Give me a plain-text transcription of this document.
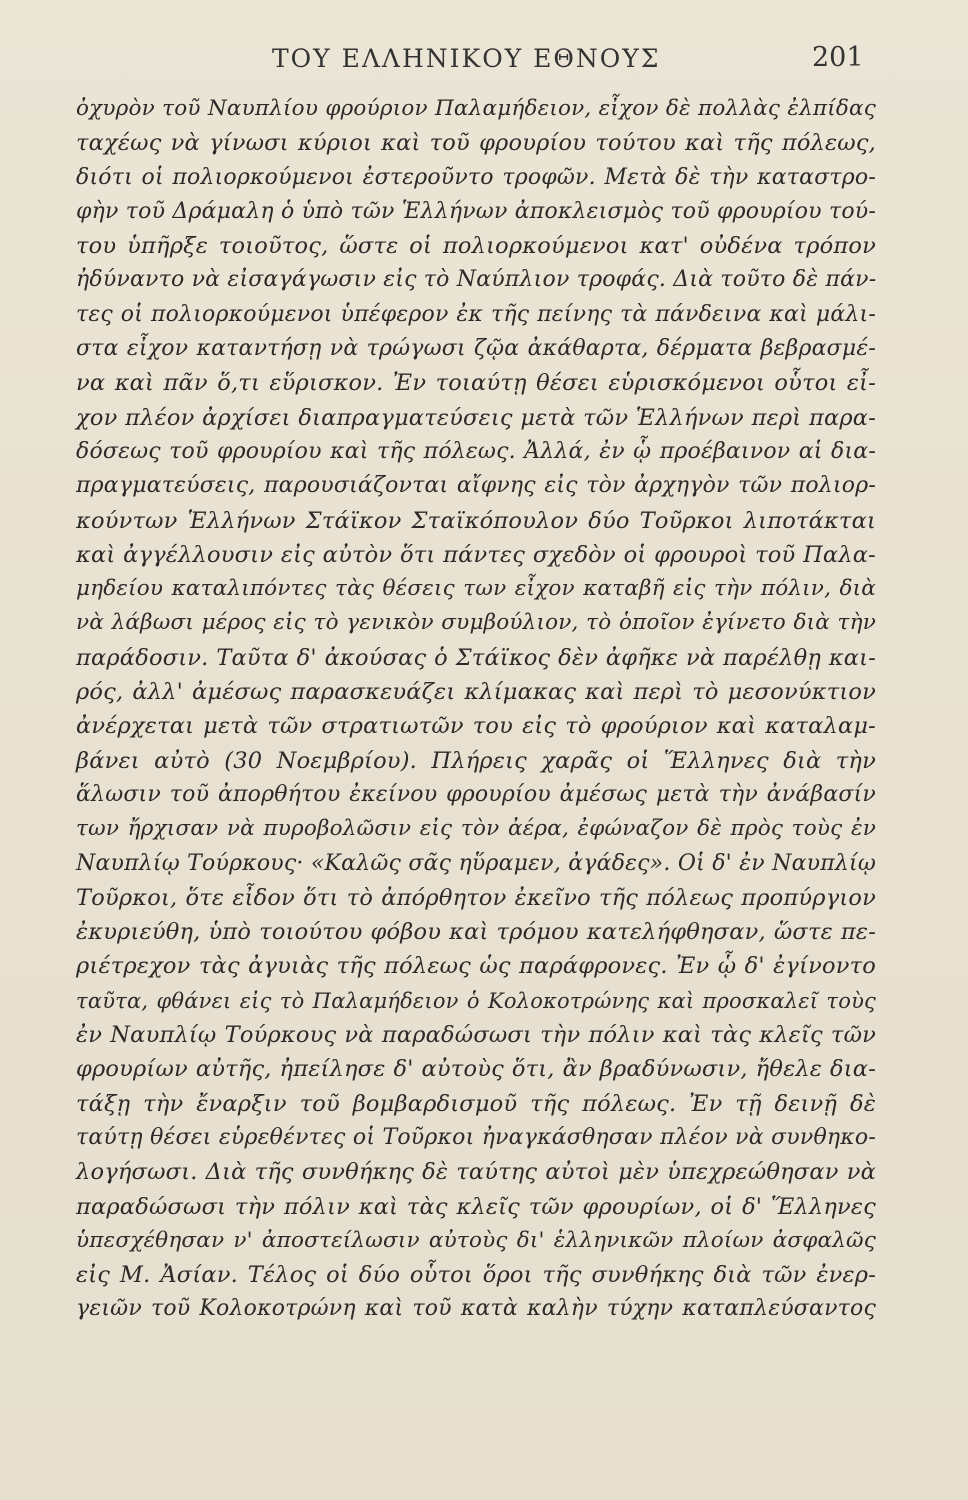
ΤΟΥ ΕΛΛΗΝΙΚΟΥ ΕΘΝΟΥΣ	201
ὀχυρὸν τοῦ Ναυπλίου φρούριον Παλαμήδειον, εἶχον δὲ πολλὰς ἐλπίδας
ταχέως νὰ γίνωσι κύριοι καὶ τοῦ φρουρίου τούτου καὶ τῆς πόλεως,
διότι οἱ πολιορκούμενοι ἐστεροῦντο τροφῶν. Μετὰ δὲ τὴν καταστρο-
φὴν τοῦ Δράμαλη ὁ ὑπὸ τῶν Ἑλλήνων ἀποκλεισμὸς τοῦ φρουρίου τού-
του ὑπῆρξε τοιοῦτος, ὥστε οἱ πολιορκούμενοι κατ' οὐδένα τρόπον
ἠδύναντο νὰ εἰσαγάγωσιν εἰς τὸ Ναύπλιον τροφάς. Διὰ τοῦτο δὲ πάν-
τες οἱ πολιορκούμενοι ὑπέφερον ἐκ τῆς πείνης τὰ πάνδεινα καὶ μάλι-
στα εἶχον καταντήσῃ νὰ τρώγωσι ζῷα ἀκάθαρτα, δέρματα βεβρασμέ-
να καὶ πᾶν ὅ,τι εὕρισκον. Ἐν τοιαύτῃ θέσει εὑρισκόμενοι οὗτοι εἶ-
χον πλέον ἀρχίσει διαπραγματεύσεις μετὰ τῶν Ἑλλήνων περὶ παρα-
δόσεως τοῦ φρουρίου καὶ τῆς πόλεως. Ἀλλά, ἐν ᾧ προέβαινον αἱ δια-
πραγματεύσεις, παρουσιάζονται αἴφνης εἰς τὸν ἀρχηγὸν τῶν πολιορ-
κούντων Ἑλλήνων Στάϊκον Σταϊκόπουλον δύο Τοῦρκοι λιποτάκται
καὶ ἀγγέλλουσιν εἰς αὐτὸν ὅτι πάντες σχεδὸν οἱ φρουροὶ τοῦ Παλα-
μηδείου καταλιπόντες τὰς θέσεις των εἶχον καταβῆ εἰς τὴν πόλιν, διὰ
νὰ λάβωσι μέρος εἰς τὸ γενικὸν συμβούλιον, τὸ ὁποῖον ἐγίνετο διὰ τὴν
παράδοσιν. Ταῦτα δ' ἀκούσας ὁ Στάϊκος δὲν ἀφῆκε νὰ παρέλθῃ και-
ρός, ἀλλ' ἀμέσως παρασκευάζει κλίμακας καὶ περὶ τὸ μεσονύκτιον
ἀνέρχεται μετὰ τῶν στρατιωτῶν του εἰς τὸ φρούριον καὶ καταλαμ-
βάνει αὐτὸ (30 Νοεμβρίου). Πλήρεις χαρᾶς οἱ Ἕλληνες διὰ τὴν
ἅλωσιν τοῦ ἀπορθήτου ἐκείνου φρουρίου ἀμέσως μετὰ τὴν ἀνάβασίν
των ἤρχισαν νὰ πυροβολῶσιν εἰς τὸν ἀέρα, ἐφώναζον δὲ πρὸς τοὺς ἐν
Ναυπλίῳ Τούρκους· «Καλῶς σᾶς ηὕραμεν, ἀγάδες». Οἱ δ' ἐν Ναυπλίῳ
Τοῦρκοι, ὅτε εἶδον ὅτι τὸ ἀπόρθητον ἐκεῖνο τῆς πόλεως προπύργιον
ἐκυριεύθη, ὑπὸ τοιούτου φόβου καὶ τρόμου κατελήφθησαν, ὥστε πε-
ριέτρεχον τὰς ἀγυιὰς τῆς πόλεως ὡς παράφρονες. Ἐν ᾧ δ' ἐγίνοντο
ταῦτα, φθάνει εἰς τὸ Παλαμήδειον ὁ Κολοκοτρώνης καὶ προσκαλεῖ τοὺς
ἐν Ναυπλίῳ Τούρκους νὰ παραδώσωσι τὴν πόλιν καὶ τὰς κλεῖς τῶν
φρουρίων αὐτῆς, ἠπείλησε δ' αὐτοὺς ὅτι, ἂν βραδύνωσιν, ἤθελε δια-
τάξῃ τὴν ἔναρξιν τοῦ βομβαρδισμοῦ τῆς πόλεως. Ἐν τῇ δεινῇ δὲ
ταύτῃ θέσει εὑρεθέντες οἱ Τοῦρκοι ἠναγκάσθησαν πλέον νὰ συνθηκο-
λογήσωσι. Διὰ τῆς συνθήκης δὲ ταύτης αὐτοὶ μὲν ὑπεχρεώθησαν νὰ
παραδώσωσι τὴν πόλιν καὶ τὰς κλεῖς τῶν φρουρίων, οἱ δ' Ἕλληνες
ὑπεσχέθησαν ν' ἀποστείλωσιν αὐτοὺς δι' ἑλληνικῶν πλοίων ἀσφαλῶς
εἰς Μ. Ἀσίαν. Τέλος οἱ δύο οὗτοι ὅροι τῆς συνθήκης διὰ τῶν ἐνερ-
γειῶν τοῦ Κολοκοτρώνη καὶ τοῦ κατὰ καλὴν τύχην καταπλεύσαντος
